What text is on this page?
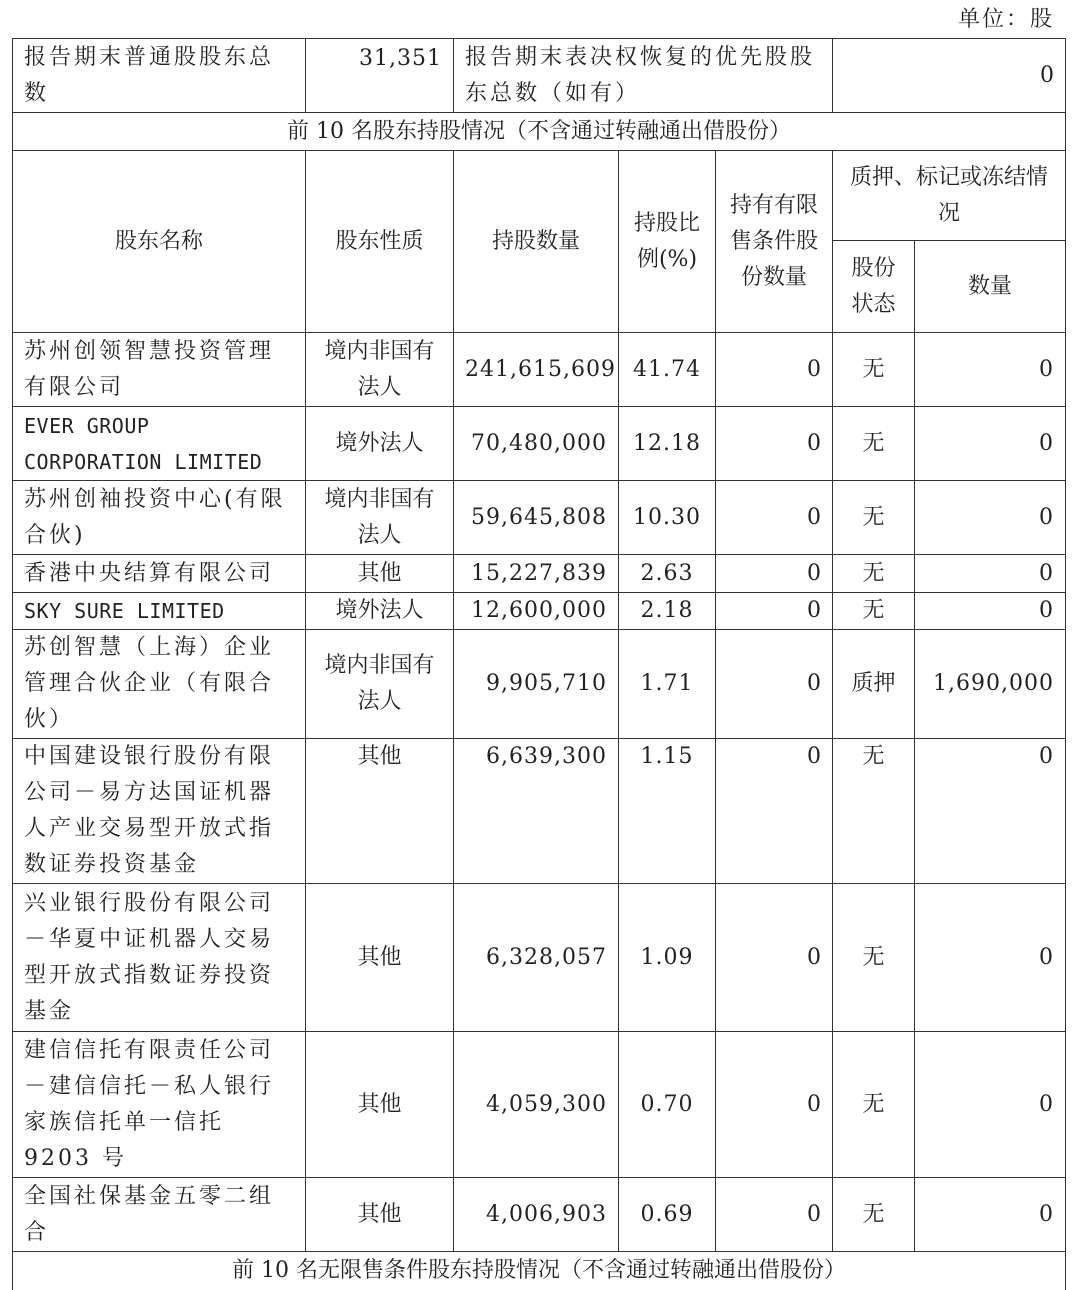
单位：股
报告期末普通股股东总数	31,351	报告期末表决权恢复的优先股股东总数（如有）			0	
前 10 名股东持股情况（不含通过转融通出借股份）						
股东名称	股东性质	持股数量	持股比例(%)	持有有限售条件股份数量	质押、标记或冻结情况	
					股份状态	数量
苏州创领智慧投资管理有限公司	境内非国有法人	241,615,609	41.74	0	无	0
EVER GROUP CORPORATION LIMITED	境外法人	70,480,000	12.18	0	无	0
苏州创袖投资中心(有限合伙)	境内非国有法人	59,645,808	10.30	0	无	0
香港中央结算有限公司	其他	15,227,839	2.63	0	无	0
SKY SURE LIMITED	境外法人	12,600,000	2.18	0	无	0
苏创智慧（上海）企业管理合伙企业（有限合伙）	境内非国有法人	9,905,710	1.71	0	质押	1,690,000
中国建设银行股份有限公司－易方达国证机器人产业交易型开放式指数证券投资基金	其他	6,639,300	1.15	0	无	0
兴业银行股份有限公司－华夏中证机器人交易型开放式指数证券投资基金	其他	6,328,057	1.09	0	无	0
建信信托有限责任公司－建信信托－私人银行家族信托单一信托 9203 号	其他	4,059,300	0.70	0	无	0
全国社保基金五零二组合	其他	4,006,903	0.69	0	无	0
前 10 名无限售条件股东持股情况（不含通过转融通出借股份）						
